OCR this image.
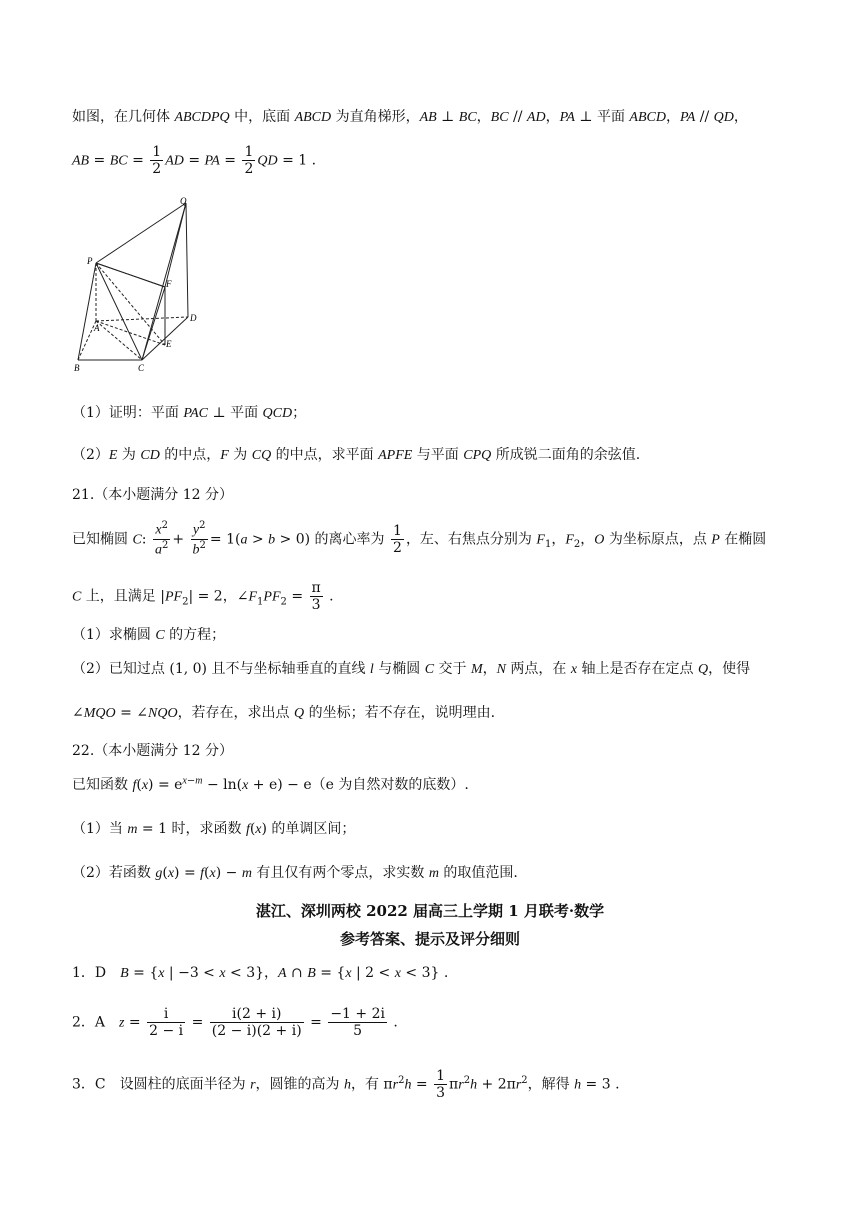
如图，在几何体 ABCDPQ 中，底面 ABCD 为直角梯形，AB ⊥ BC，BC // AD，PA ⊥ 平面 ABCD，PA // QD，
AB = BC = $\frac{1}{2}$ AD = PA = $\frac{1}{2}$ QD = 1 .
Q
P
F
D
A
E
B	C
（1）证明：平面 PAC ⊥ 平面 QCD；
（2）E 为 CD 的中点，F 为 CQ 的中点，求平面 APFE 与平面 CPQ 所成锐二面角的余弦值.
21.（本小题满分 12 分）
已知椭圆 C: $\frac{x^2}{a^2} + \frac{y^2}{b^2} = 1(a > b > 0)$ 的离心率为 $\frac{1}{2}$ ，左、右焦点分别为 $F_1$，$F_2$，O 为坐标原点，点 P 在椭圆
C 上，且满足 $|PF_2| = 2$，$\angle F_1PF_2 = \frac{\pi}{3}$ .
（1）求椭圆 C 的方程；
（2）已知过点 (1, 0) 且不与坐标轴垂直的直线 l 与椭圆 C 交于 M，N 两点，在 x 轴上是否存在定点 Q，使得
∠MQO = ∠NQO，若存在，求出点 Q 的坐标；若不存在，说明理由.
22.（本小题满分 12 分）
已知函数 $f(x) = e^{x-m} - \ln(x + e) - e(e$ 为自然对数的底数）.
（1）当 m = 1 时，求函数 f(x) 的单调区间；
（2）若函数 g(x) = f(x) − m 有且仅有两个零点，求实数 m 的取值范围.
湛江、深圳两校 2022 届高三上学期 1 月联考·数学
参考答案、提示及评分细则
1．D　B = {x | −3 < x < 3}，A ∩ B = {x | 2 < x < 3} .
2．A　$z = \frac{i}{2 - i} = \frac{i(2 + i)}{(2 - i)(2 + i)} = \frac{-1 + 2i}{5}$ .
3．C　设圆柱的底面半径为 r，圆锥的高为 h，有 $\pi r^2h = \frac{1}{3} \pi r^2h + 2\pi r^2$，解得 h = 3 .
